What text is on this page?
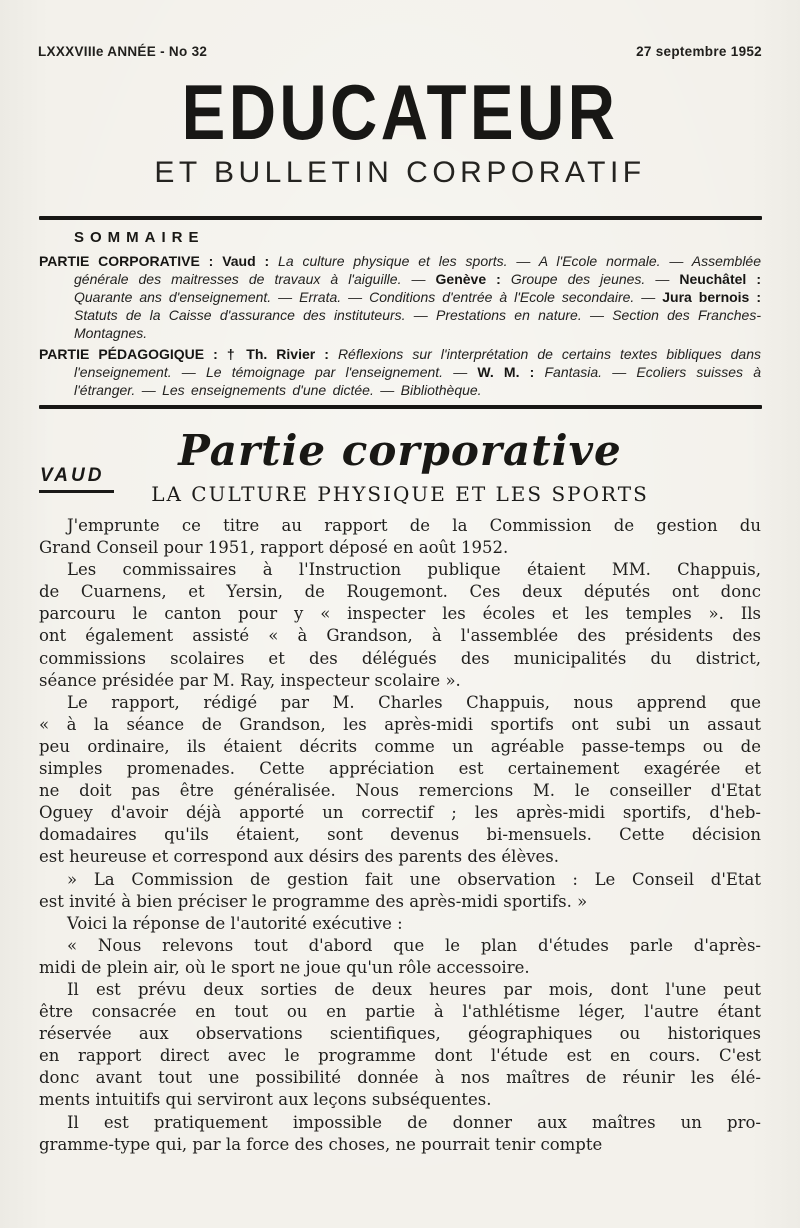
LXXXVIIIe ANNÉE - No 32	27 septembre 1952
EDUCATEUR
ET BULLETIN CORPORATIF
SOMMAIRE

PARTIE CORPORATIVE : Vaud : La culture physique et les sports. — A l'Ecole normale. — Assemblée générale des maitresses de travaux à l'aiguille. — Genève : Groupe des jeunes. — Neuchâtel : Quarante ans d'enseignement. — Errata. — Conditions d'entrée à l'Ecole secondaire. — Jura bernois : Statuts de la Caisse d'assurance des instituteurs. — Prestations en nature. — Section des Franches-Montagnes.

PARTIE PÉDAGOGIQUE : † Th. Rivier : Réflexions sur l'interprétation de certains textes bibliques dans l'enseignement. — Le témoignage par l'enseignement. — W. M. : Fantasia. — Ecoliers suisses à l'étranger. — Les enseignements d'une dictée. — Bibliothèque.

Partie corporative
VAUD
LA CULTURE PHYSIQUE ET LES SPORTS
J'emprunte ce titre au rapport de la Commission de gestion du
Grand Conseil pour 1951, rapport déposé en août 1952.
Les commissaires à l'Instruction publique étaient MM. Chappuis,
de Cuarnens, et Yersin, de Rougemont. Ces deux députés ont donc
parcouru le canton pour y « inspecter les écoles et les temples ». Ils
ont également assisté « à Grandson, à l'assemblée des présidents des
commissions scolaires et des délégués des municipalités du district,
séance présidée par M. Ray, inspecteur scolaire ».
Le rapport, rédigé par M. Charles Chappuis, nous apprend que
« à la séance de Grandson, les après-midi sportifs ont subi un assaut
peu ordinaire, ils étaient décrits comme un agréable passe-temps ou de
simples promenades. Cette appréciation est certainement exagérée et
ne doit pas être généralisée. Nous remercions M. le conseiller d'Etat
Oguey d'avoir déjà apporté un correctif ; les après-midi sportifs, d'heb-
domadaires qu'ils étaient, sont devenus bi-mensuels. Cette décision
est heureuse et correspond aux désirs des parents des élèves.
» La Commission de gestion fait une observation : Le Conseil d'Etat
est invité à bien préciser le programme des après-midi sportifs. »
Voici la réponse de l'autorité exécutive :
« Nous relevons tout d'abord que le plan d'études parle d'après-
midi de plein air, où le sport ne joue qu'un rôle accessoire.
Il est prévu deux sorties de deux heures par mois, dont l'une peut
être consacrée en tout ou en partie à l'athlétisme léger, l'autre étant
réservée aux observations scientifiques, géographiques ou historiques
en rapport direct avec le programme dont l'étude est en cours. C'est
donc avant tout une possibilité donnée à nos maîtres de réunir les élé-
ments intuitifs qui serviront aux leçons subséquentes.
Il est pratiquement impossible de donner aux maîtres un pro-
gramme-type qui, par la force des choses, ne pourrait tenir compte
